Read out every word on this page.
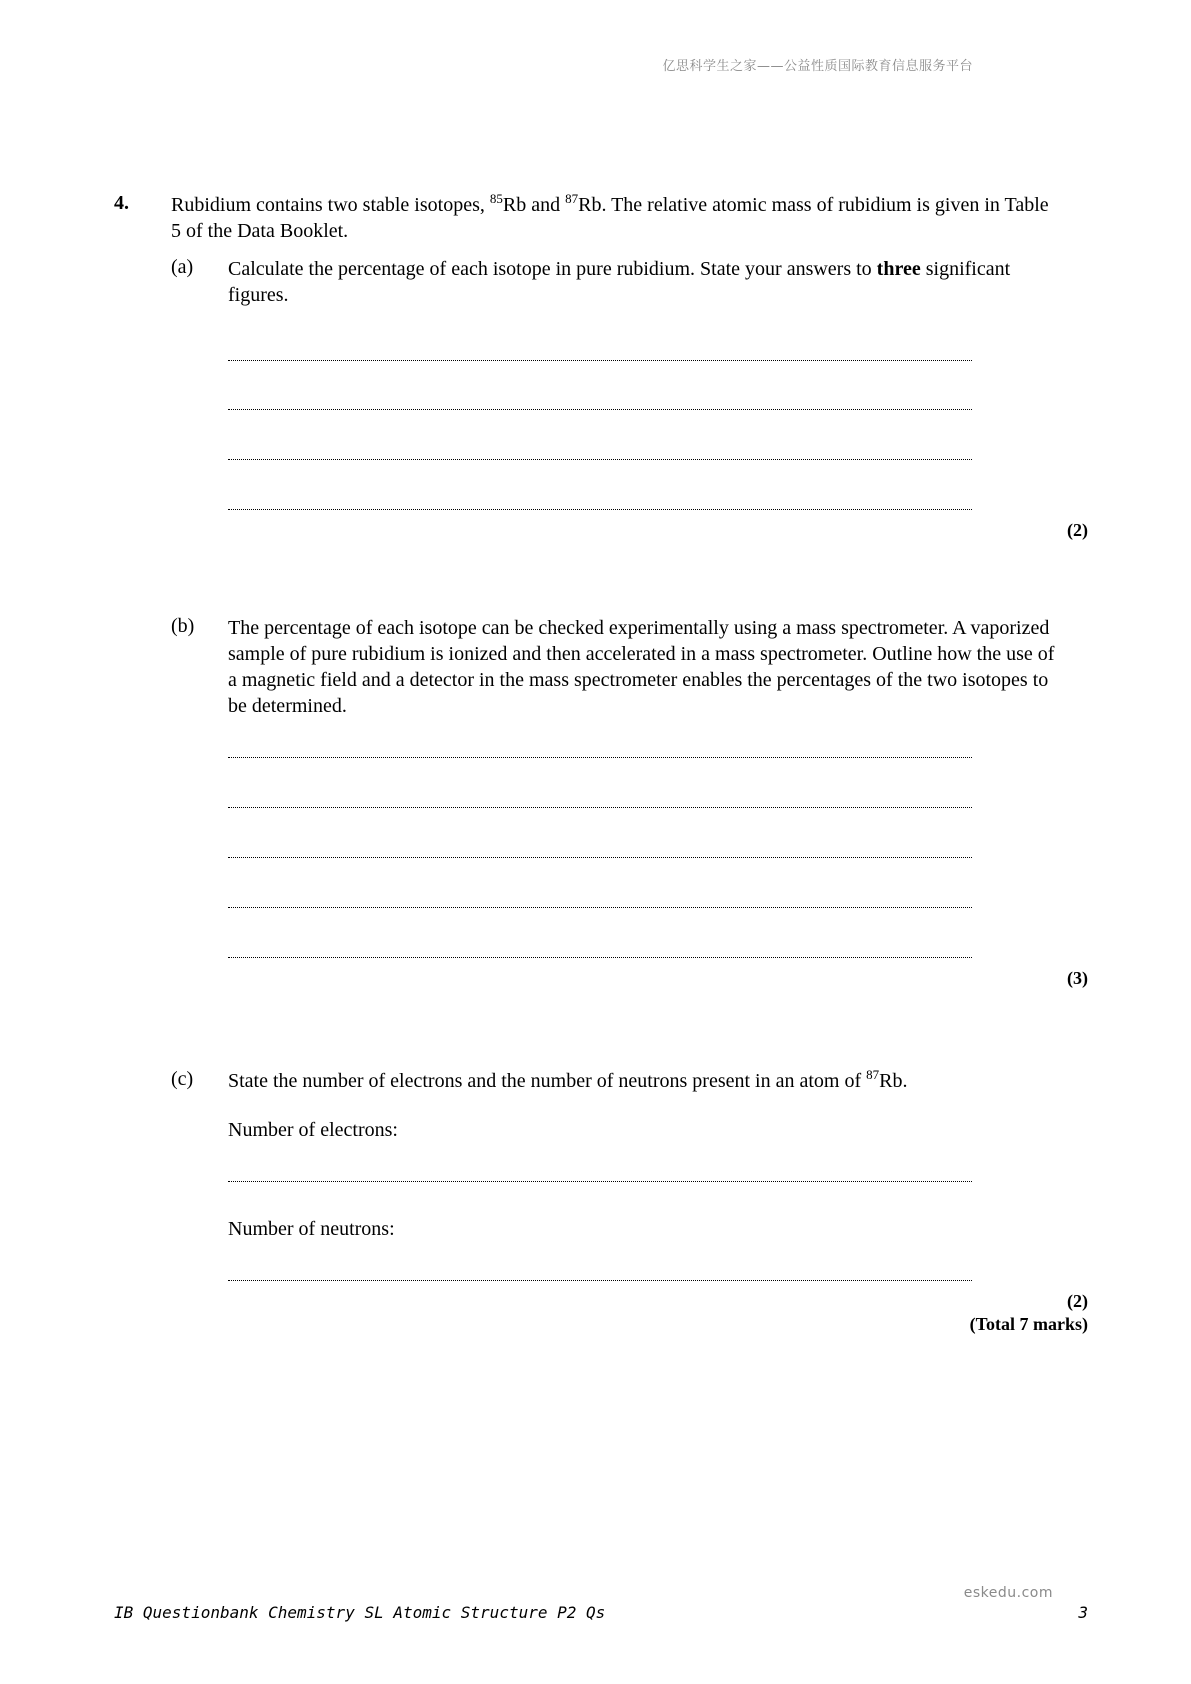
亿思科学生之家——公益性质国际教育信息服务平台
4. Rubidium contains two stable isotopes, $^{85}$Rb and $^{87}$Rb. The relative atomic mass of rubidium is given in Table 5 of the Data Booklet.
(a) Calculate the percentage of each isotope in pure rubidium. State your answers to three significant figures.
(2)
(b) The percentage of each isotope can be checked experimentally using a mass spectrometer. A vaporized sample of pure rubidium is ionized and then accelerated in a mass spectrometer. Outline how the use of a magnetic field and a detector in the mass spectrometer enables the percentages of the two isotopes to be determined.
(3)
(c) State the number of electrons and the number of neutrons present in an atom of $^{87}$Rb.
Number of electrons:
Number of neutrons:
(2)
(Total 7 marks)
eskedu.com
IB Questionbank Chemistry SL Atomic Structure P2 Qs	3
